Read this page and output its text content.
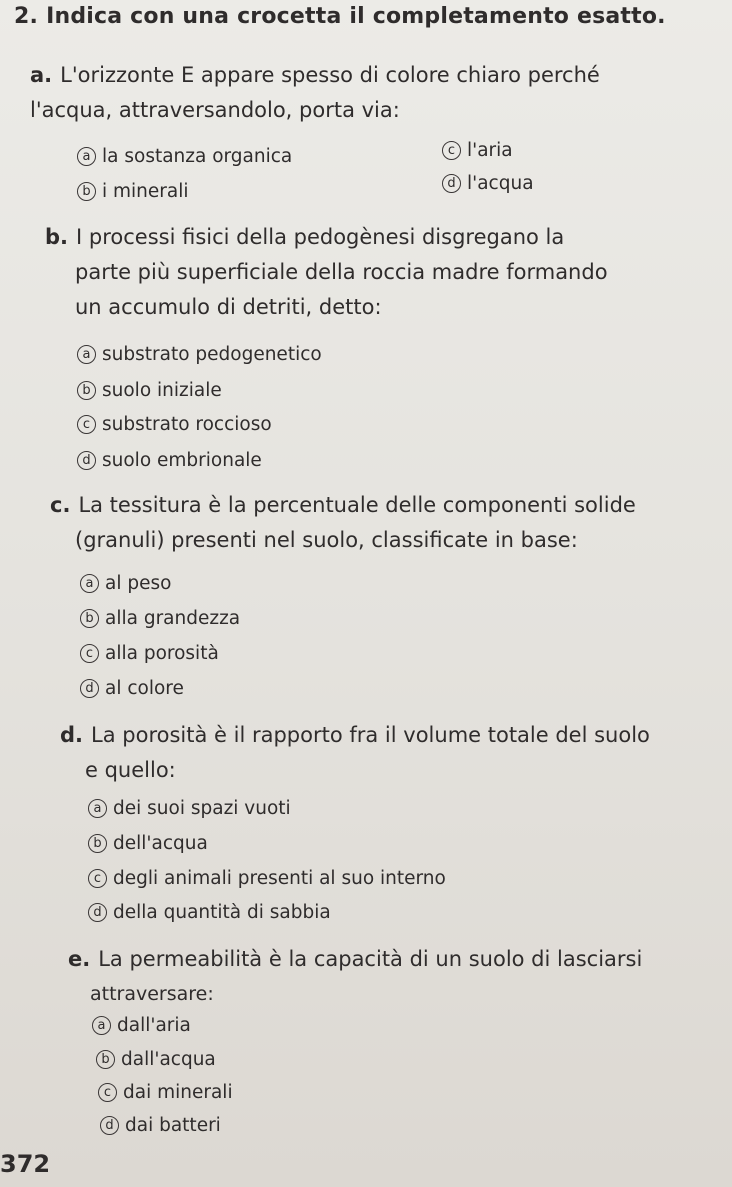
2. Indica con una crocetta il completamento esatto.
a. L'orizzonte E appare spesso di colore chiaro perché
l'acqua, attraversandolo, porta via:
a la sostanza organica
b i minerali
c l'aria
d l'acqua
b. I processi fisici della pedogènesi disgregano la
parte più superficiale della roccia madre formando
un accumulo di detriti, detto:
a substrato pedogenetico
b suolo iniziale
c substrato roccioso
d suolo embrionale
c. La tessitura è la percentuale delle componenti solide
(granuli) presenti nel suolo, classificate in base:
a al peso
b alla grandezza
c alla porosità
d al colore
d. La porosità è il rapporto fra il volume totale del suolo
e quello:
a dei suoi spazi vuoti
b dell'acqua
c degli animali presenti al suo interno
d della quantità di sabbia
e. La permeabilità è la capacità di un suolo di lasciarsi
attraversare:
a dall'aria
b dall'acqua
c dai minerali
d dai batteri
372
